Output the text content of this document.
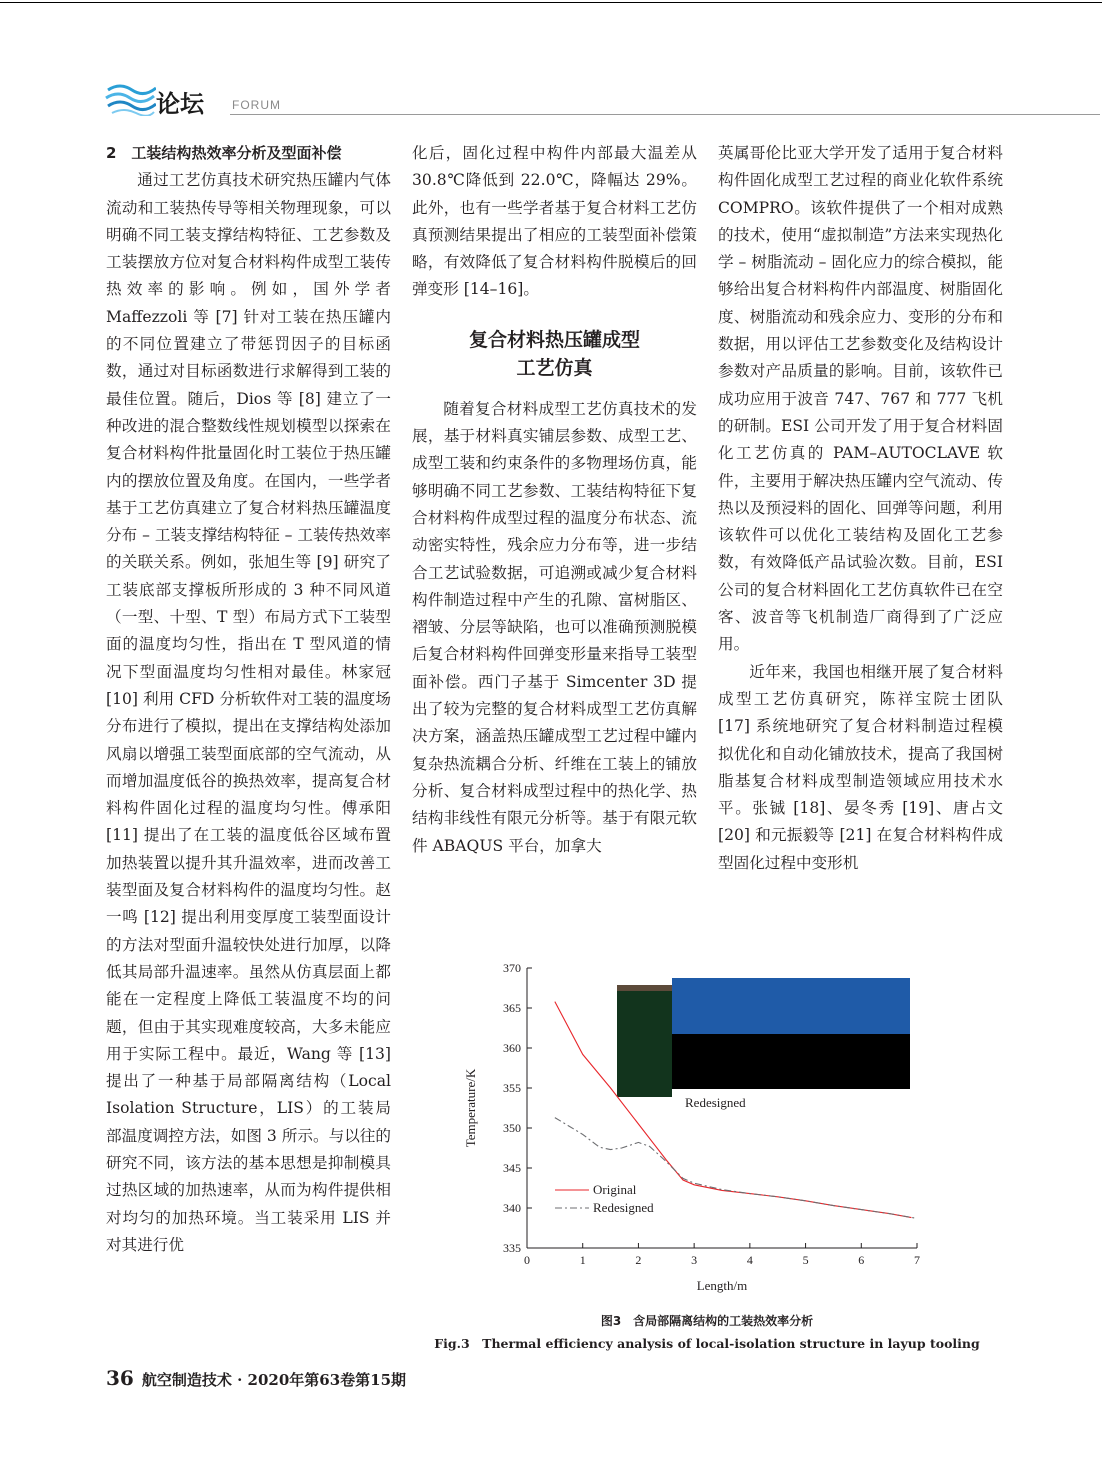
论坛 FORUM

2　工装结构热效率分析及型面补偿

通过工艺仿真技术研究热压罐内气体流动和工装热传导等相关物理现象，可以明确不同工装支撑结构特征、工艺参数及工装摆放方位对复合材料构件成型工装传热效率的影响。例如，国外学者 Maffezzoli 等 [7] 针对工装在热压罐内的不同位置建立了带惩罚因子的目标函数，通过对目标函数进行求解得到工装的最佳位置。随后，Dios 等 [8] 建立了一种改进的混合整数线性规划模型以探索在复合材料构件批量固化时工装位于热压罐内的摆放位置及角度。在国内，一些学者基于工艺仿真建立了复合材料热压罐温度分布 – 工装支撑结构特征 – 工装传热效率的关联关系。例如，张旭生等 [9] 研究了工装底部支撑板所形成的 3 种不同风道（一型、十型、T 型）布局方式下工装型面的温度均匀性，指出在 T 型风道的情况下型面温度均匀性相对最佳。林家冠 [10] 利用 CFD 分析软件对工装的温度场分布进行了模拟，提出在支撑结构处添加风扇以增强工装型面底部的空气流动，从而增加温度低谷的换热效率，提高复合材料构件固化过程的温度均匀性。傅承阳 [11] 提出了在工装的温度低谷区域布置加热装置以提升其升温效率，进而改善工装型面及复合材料构件的温度均匀性。赵一鸣 [12] 提出利用变厚度工装型面设计的方法对型面升温较快处进行加厚，以降低其局部升温速率。虽然从仿真层面上都能在一定程度上降低工装温度不均的问题，但由于其实现难度较高，大多未能应用于实际工程中。最近，Wang 等 [13] 提出了一种基于局部隔离结构（Local Isolation Structure，LIS）的工装局部温度调控方法，如图 3 所示。与以往的研究不同，该方法的基本思想是抑制模具过热区域的加热速率，从而为构件提供相对均匀的加热环境。当工装采用 LIS 并对其进行优

化后，固化过程中构件内部最大温差从 30.8℃降低到 22.0℃，降幅达 29%。此外，也有一些学者基于复合材料工艺仿真预测结果提出了相应的工装型面补偿策略，有效降低了复合材料构件脱模后的回弹变形 [14–16]。

复合材料热压罐成型
工艺仿真

随着复合材料成型工艺仿真技术的发展，基于材料真实铺层参数、成型工艺、成型工装和约束条件的多物理场仿真，能够明确不同工艺参数、工装结构特征下复合材料构件成型过程的温度分布状态、流动密实特性，残余应力分布等，进一步结合工艺试验数据，可追溯或减少复合材料构件制造过程中产生的孔隙、富树脂区、褶皱、分层等缺陷，也可以准确预测脱模后复合材料构件回弹变形量来指导工装型面补偿。西门子基于 Simcenter 3D 提出了较为完整的复合材料成型工艺仿真解决方案，涵盖热压罐成型工艺过程中罐内复杂热流耦合分析、纤维在工装上的铺放分析、复合材料成型过程中的热化学、热结构非线性有限元分析等。基于有限元软件 ABAQUS 平台，加拿大

英属哥伦比亚大学开发了适用于复合材料构件固化成型工艺过程的商业化软件系统 COMPRO。该软件提供了一个相对成熟的技术，使用“虚拟制造”方法来实现热化学 – 树脂流动 – 固化应力的综合模拟，能够给出复合材料构件内部温度、树脂固化度、树脂流动和残余应力、变形的分布和数据，用以评估工艺参数变化及结构设计参数对产品质量的影响。目前，该软件已成功应用于波音 747、767 和 777 飞机的研制。ESI 公司开发了用于复合材料固化工艺仿真的 PAM–AUTOCLAVE 软件，主要用于解决热压罐内空气流动、传热以及预浸料的固化、回弹等问题，利用该软件可以优化工装结构及固化工艺参数，有效降低产品试验次数。目前，ESI 公司的复合材料固化工艺仿真软件已在空客、波音等飞机制造厂商得到了广泛应用。

近年来，我国也相继开展了复合材料成型工艺仿真研究，陈祥宝院士团队 [17] 系统地研究了复合材料制造过程模拟优化和自动化铺放技术，提高了我国树脂基复合材料成型制造领域应用技术水平。张铖 [18]、晏冬秀 [19]、唐占文 [20] 和元振毅等 [21] 在复合材料构件成型固化过程中变形机

335
340
345
350
355
360
365
370
0	1	2	3	4	5	6	7
Length/m
Temperature/K	Redesigned
Original
Redesigned
图3　含局部隔离结构的工装热效率分析
Fig.3　Thermal efficiency analysis of local-isolation structure in layup tooling
36 航空制造技术 · 2020年第63卷第15期
